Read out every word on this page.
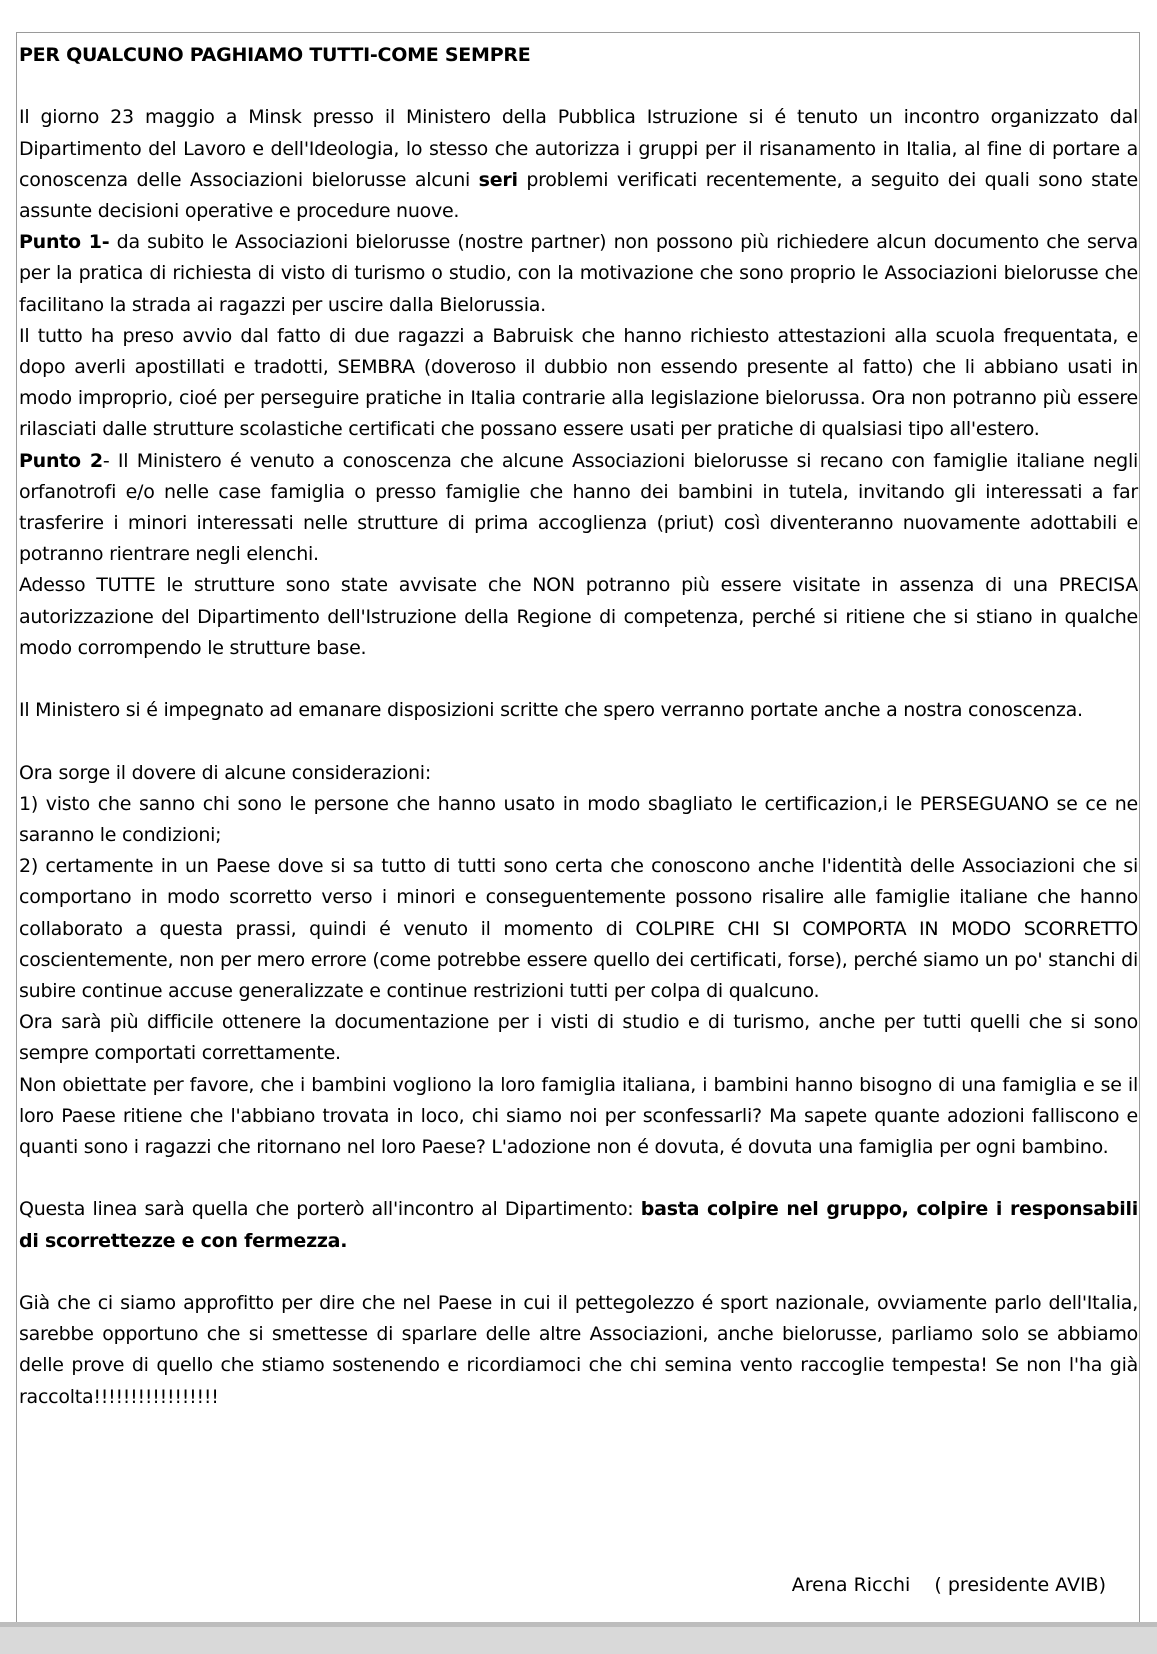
PER QUALCUNO PAGHIAMO TUTTI-COME SEMPRE

Il giorno 23 maggio a Minsk presso il Ministero della Pubblica Istruzione si é tenuto un incontro organizzato dal Dipartimento del Lavoro e dell'Ideologia, lo stesso che autorizza i gruppi per il risanamento in Italia, al fine di portare a conoscenza delle Associazioni bielorusse alcuni seri problemi verificati recentemente, a seguito dei quali sono state assunte decisioni operative e procedure nuove.

Punto 1- da subito le Associazioni bielorusse (nostre partner) non possono più richiedere alcun documento che serva per la pratica di richiesta di visto di turismo o studio, con la motivazione che sono proprio le Associazioni bielorusse che facilitano la strada ai ragazzi per uscire dalla Bielorussia.

Il tutto ha preso avvio dal fatto di due ragazzi a Babruisk che hanno richiesto attestazioni alla scuola frequentata, e dopo averli apostillati e tradotti, SEMBRA (doveroso il dubbio non essendo presente al fatto) che li abbiano usati in modo improprio, cioé per perseguire pratiche in Italia contrarie alla legislazione bielorussa. Ora non potranno più essere rilasciati dalle strutture scolastiche certificati che possano essere usati per pratiche di qualsiasi tipo all'estero.

Punto 2- Il Ministero é venuto a conoscenza che alcune Associazioni bielorusse si recano con famiglie italiane negli orfanotrofi e/o nelle case famiglia o presso famiglie che hanno dei bambini in tutela, invitando gli interessati a far trasferire i minori interessati nelle strutture di prima accoglienza (priut) così diventeranno nuovamente adottabili e potranno rientrare negli elenchi.

Adesso TUTTE le strutture sono state avvisate che NON potranno più essere visitate in assenza di una PRECISA autorizzazione del Dipartimento dell'Istruzione della Regione di competenza, perché si ritiene che si stiano in qualche modo corrompendo le strutture base.

Il Ministero si é impegnato ad emanare disposizioni scritte che spero verranno portate anche a nostra conoscenza.

Ora sorge il dovere di alcune considerazioni:

1) visto che sanno chi sono le persone che hanno usato in modo sbagliato le certificazion,i le PERSEGUANO se ce ne saranno le condizioni;

2) certamente in un Paese dove si sa tutto di tutti sono certa che conoscono anche l'identità delle Associazioni che si comportano in modo scorretto verso i minori e conseguentemente possono risalire alle famiglie italiane che hanno collaborato a questa prassi, quindi é venuto il momento di COLPIRE CHI SI COMPORTA IN MODO SCORRETTO coscientemente, non per mero errore (come potrebbe essere quello dei certificati, forse), perché siamo un po' stanchi di subire continue accuse generalizzate e continue restrizioni tutti per colpa di qualcuno.

Ora sarà più difficile ottenere la documentazione per i visti di studio e di turismo, anche per tutti quelli che si sono sempre comportati correttamente.

Non obiettate per favore, che i bambini vogliono la loro famiglia italiana, i bambini hanno bisogno di una famiglia e se il loro Paese ritiene che l'abbiano trovata in loco, chi siamo noi per sconfessarli? Ma sapete quante adozioni falliscono e quanti sono i ragazzi che ritornano nel loro Paese? L'adozione non é dovuta, é dovuta una famiglia per ogni bambino.

Questa linea sarà quella che porterò all'incontro al Dipartimento: basta colpire nel gruppo, colpire i responsabili di scorrettezze e con fermezza.

Già che ci siamo approfitto per dire che nel Paese in cui il pettegolezzo é sport nazionale, ovviamente parlo dell'Italia, sarebbe opportuno che si smettesse di sparlare delle altre Associazioni, anche bielorusse, parliamo solo se abbiamo delle prove di quello che stiamo sostenendo e ricordiamoci che chi semina vento raccoglie tempesta! Se non l'ha già raccolta!!!!!!!!!!!!!!!!!

Arena Ricchi    ( presidente AVIB)
